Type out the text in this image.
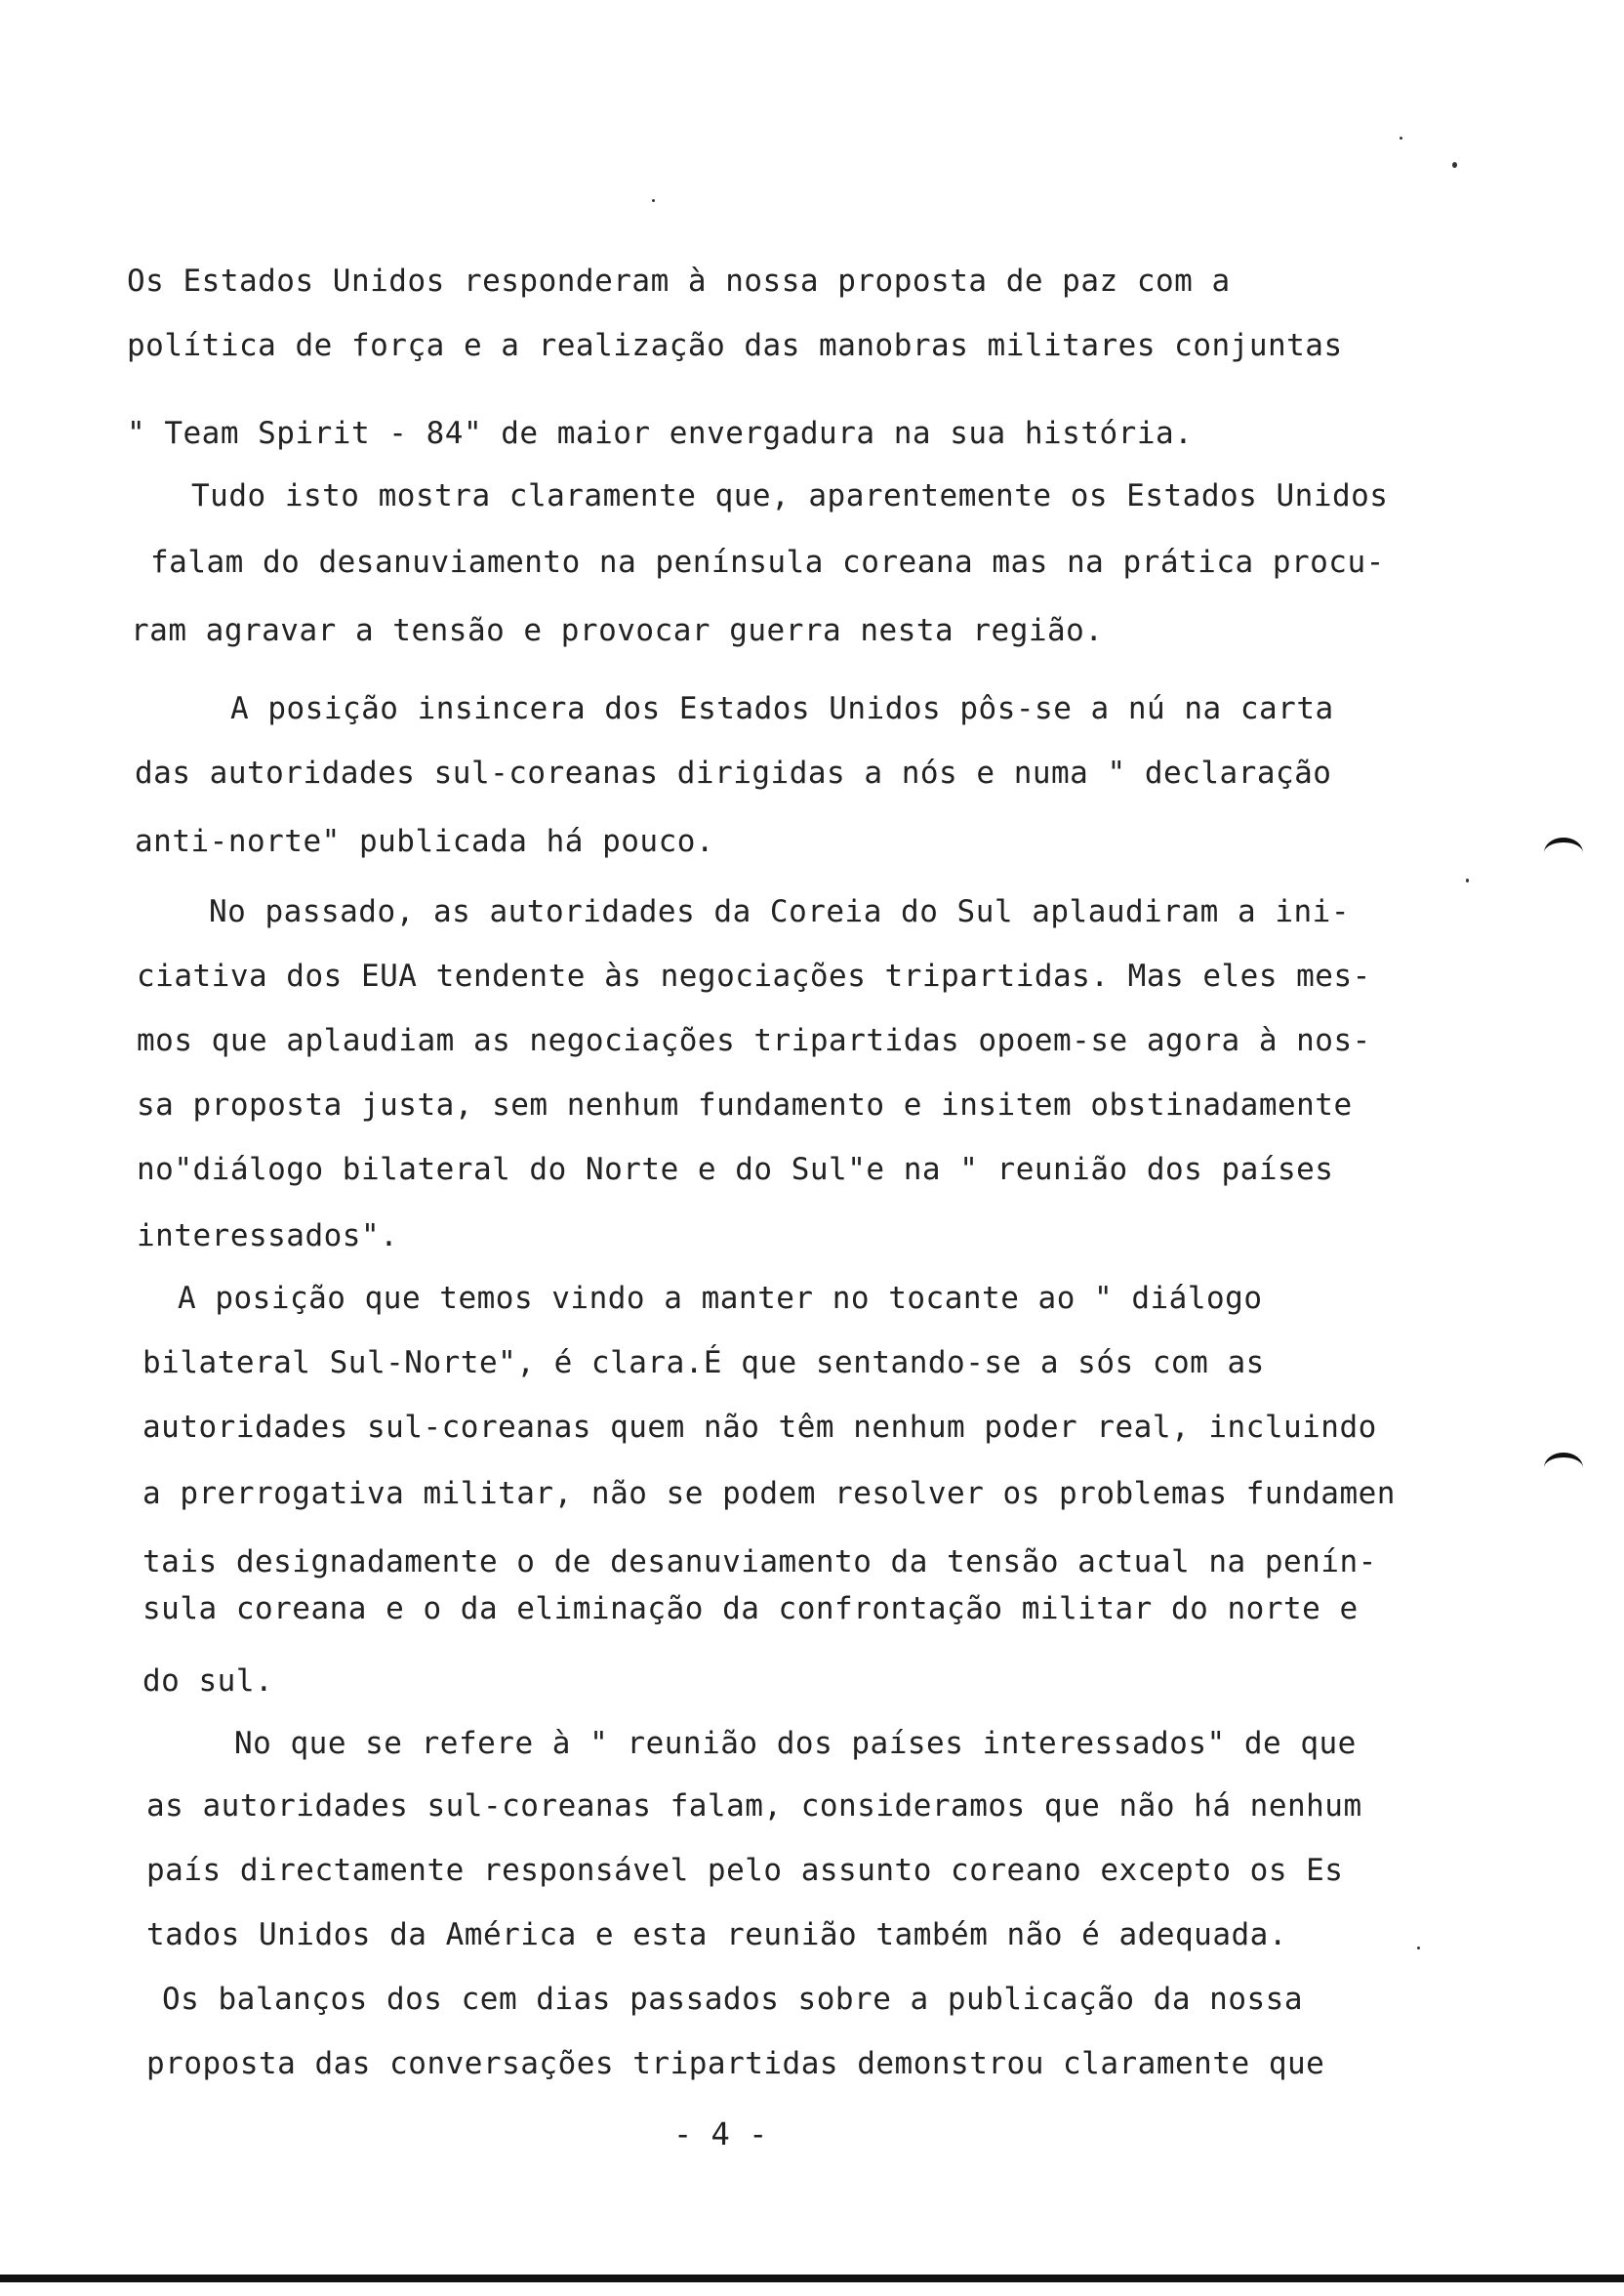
Os Estados Unidos responderam à nossa proposta de paz com a
política de força e a realização das manobras militares conjuntas
" Team Spirit - 84" de maior envergadura na sua história.
Tudo isto mostra claramente que, aparentemente os Estados Unidos
falam do desanuviamento na península coreana mas na prática procu-
ram agravar a tensão e provocar guerra nesta região.
A posição insincera dos Estados Unidos pôs-se a nú na carta
das autoridades sul-coreanas dirigidas a nós e numa " declaração
anti-norte" publicada há pouco.
No passado, as autoridades da Coreia do Sul aplaudiram a ini-
ciativa dos EUA tendente às negociações tripartidas. Mas eles mes-
mos que aplaudiam as negociações tripartidas opoem-se agora à nos-
sa proposta justa, sem nenhum fundamento e insitem obstinadamente
no"diálogo bilateral do Norte e do Sul"e na " reunião dos países
interessados".
A posição que temos vindo a manter no tocante ao " diálogo
bilateral Sul-Norte", é clara.É que sentando-se a sós com as
autoridades sul-coreanas quem não têm nenhum poder real, incluindo
a prerrogativa militar, não se podem resolver os problemas fundamen
tais designadamente o de desanuviamento da tensão actual na penín-
sula coreana e o da eliminação da confrontação militar do norte e
do sul.
No que se refere à " reunião dos países interessados" de que
as autoridades sul-coreanas falam, consideramos que não há nenhum
país directamente responsável pelo assunto coreano excepto os Es
tados Unidos da América e esta reunião também não é adequada.
Os balanços dos cem dias passados sobre a publicação da nossa
proposta das conversações tripartidas demonstrou claramente que
- 4 -
